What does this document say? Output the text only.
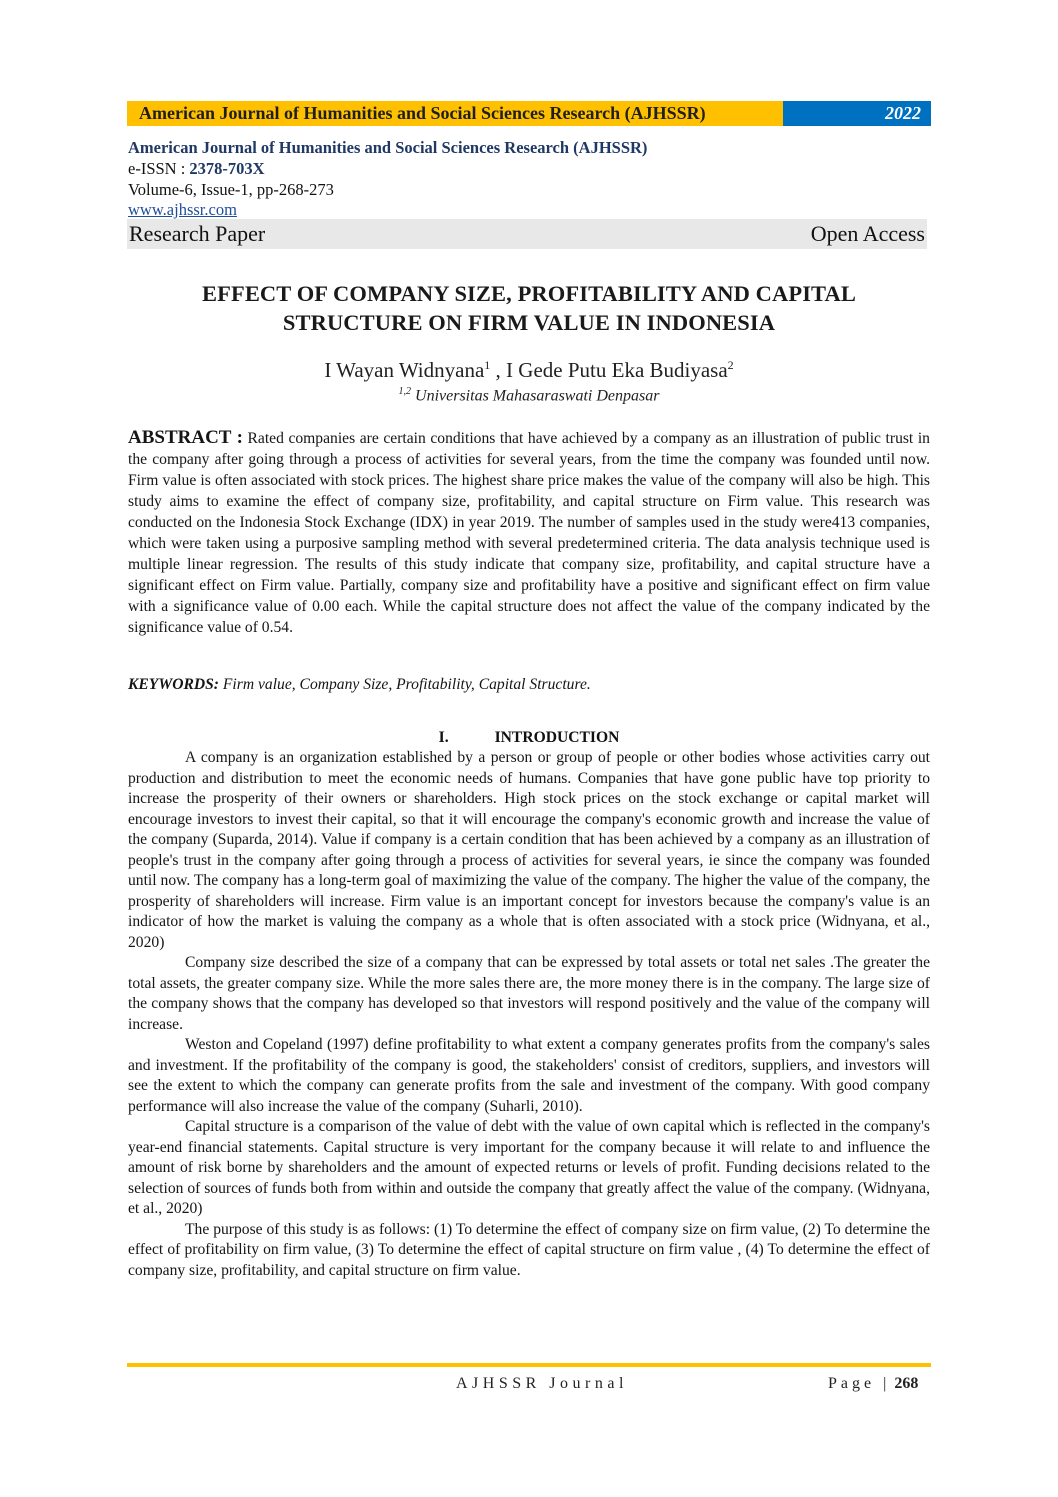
American Journal of Humanities and Social Sciences Research (AJHSSR)	2022
American Journal of Humanities and Social Sciences Research (AJHSSR)
e-ISSN : 2378-703X
Volume-6, Issue-1, pp-268-273
www.ajhssr.com
Research Paper	Open Access
EFFECT OF COMPANY SIZE, PROFITABILITY AND CAPITAL
STRUCTURE ON FIRM VALUE IN INDONESIA
I Wayan Widnyana$^1$ , I Gede Putu Eka Budiyasa$^2$
$^{1,2}$ Universitas Mahasaraswati Denpasar
ABSTRACT : Rated companies are certain conditions that have achieved by a company as an illustration of public trust in the company after going through a process of activities for several years, from the time the company was founded until now. Firm value is often associated with stock prices. The highest share price makes the value of the company will also be high. This study aims to examine the effect of company size, profitability, and capital structure on Firm value. This research was conducted on the Indonesia Stock Exchange (IDX) in year 2019. The number of samples used in the study were413 companies, which were taken using a purposive sampling method with several predetermined criteria. The data analysis technique used is multiple linear regression. The results of this study indicate that company size, profitability, and capital structure have a significant effect on Firm value. Partially, company size and profitability have a positive and significant effect on firm value with a significance value of 0.00 each. While the capital structure does not affect the value of the company indicated by the significance value of 0.54.
KEYWORDS: Firm value, Company Size, Profitability, Capital Structure.
I.	INTRODUCTION

A company is an organization established by a person or group of people or other bodies whose activities carry out production and distribution to meet the economic needs of humans. Companies that have gone public have top priority to increase the prosperity of their owners or shareholders. High stock prices on the stock exchange or capital market will encourage investors to invest their capital, so that it will encourage the company's economic growth and increase the value of the company (Suparda, 2014). Value if company is a certain condition that has been achieved by a company as an illustration of people's trust in the company after going through a process of activities for several years, ie since the company was founded until now. The company has a long-term goal of maximizing the value of the company. The higher the value of the company, the prosperity of shareholders will increase. Firm value is an important concept for investors because the company's value is an indicator of how the market is valuing the company as a whole that is often associated with a stock price (Widnyana, et al., 2020)

Company size described the size of a company that can be expressed by total assets or total net sales .The greater the total assets, the greater company size. While the more sales there are, the more money there is in the company. The large size of the company shows that the company has developed so that investors will respond positively and the value of the company will increase.

Weston and Copeland (1997) define profitability to what extent a company generates profits from the company's sales and investment. If the profitability of the company is good, the stakeholders' consist of creditors, suppliers, and investors will see the extent to which the company can generate profits from the sale and investment of the company. With good company performance will also increase the value of the company (Suharli, 2010).

Capital structure is a comparison of the value of debt with the value of own capital which is reflected in the company's year-end financial statements. Capital structure is very important for the company because it will relate to and influence the amount of risk borne by shareholders and the amount of expected returns or levels of profit. Funding decisions related to the selection of sources of funds both from within and outside the company that greatly affect the value of the company. (Widnyana, et al., 2020)

The purpose of this study is as follows: (1) To determine the effect of company size on firm value, (2) To determine the effect of profitability on firm value, (3) To determine the effect of capital structure on firm value , (4) To determine the effect of company size, profitability, and capital structure on firm value.

AJHSSR Journal	Page | 268
